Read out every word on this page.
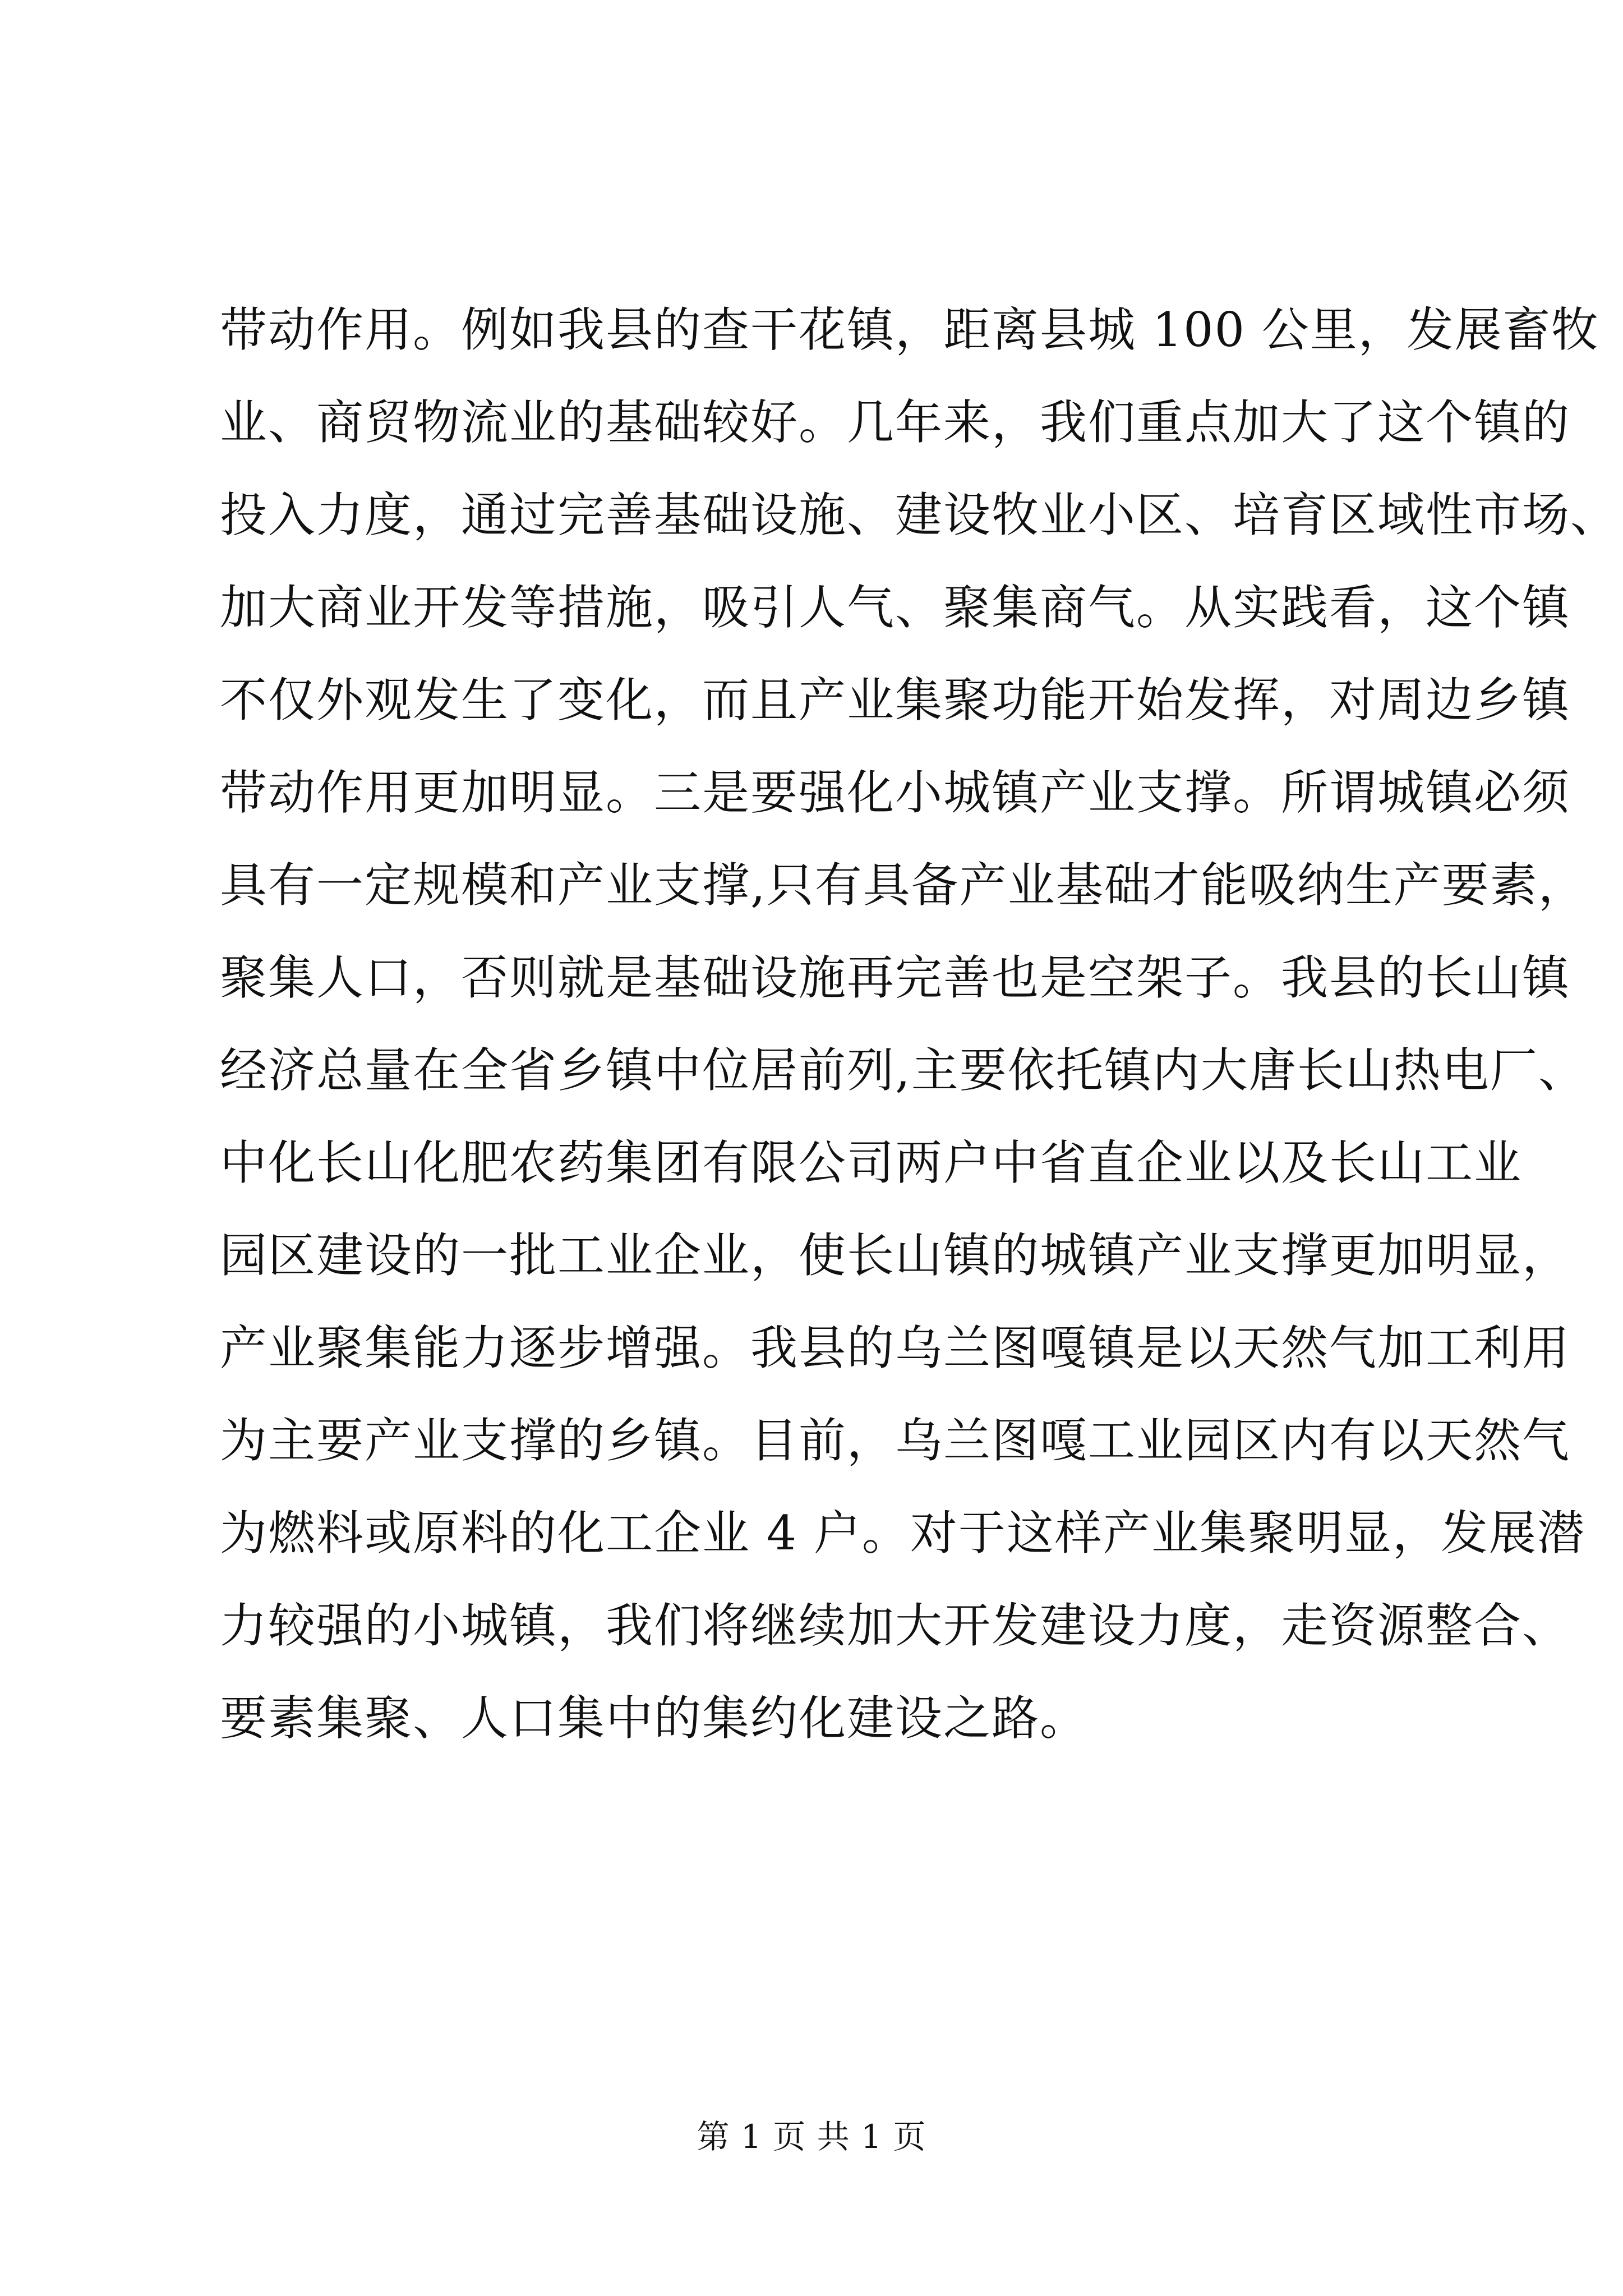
带动作用。例如我县的查干花镇，距离县城 100 公里，发展畜牧
业、商贸物流业的基础较好。几年来，我们重点加大了这个镇的
投入力度，通过完善基础设施、建设牧业小区、培育区域性市场、
加大商业开发等措施，吸引人气、聚集商气。从实践看，这个镇
不仅外观发生了变化，而且产业集聚功能开始发挥，对周边乡镇
带动作用更加明显。三是要强化小城镇产业支撑。所谓城镇必须
具有一定规模和产业支撑,只有具备产业基础才能吸纳生产要素，
聚集人口，否则就是基础设施再完善也是空架子。我县的长山镇
经济总量在全省乡镇中位居前列,主要依托镇内大唐长山热电厂、
中化长山化肥农药集团有限公司两户中省直企业以及长山工业
园区建设的一批工业企业，使长山镇的城镇产业支撑更加明显，
产业聚集能力逐步增强。我县的乌兰图嘎镇是以天然气加工利用
为主要产业支撑的乡镇。目前，乌兰图嘎工业园区内有以天然气
为燃料或原料的化工企业 4 户。对于这样产业集聚明显，发展潜
力较强的小城镇，我们将继续加大开发建设力度，走资源整合、
要素集聚、人口集中的集约化建设之路。
第 1 页 共 1 页
